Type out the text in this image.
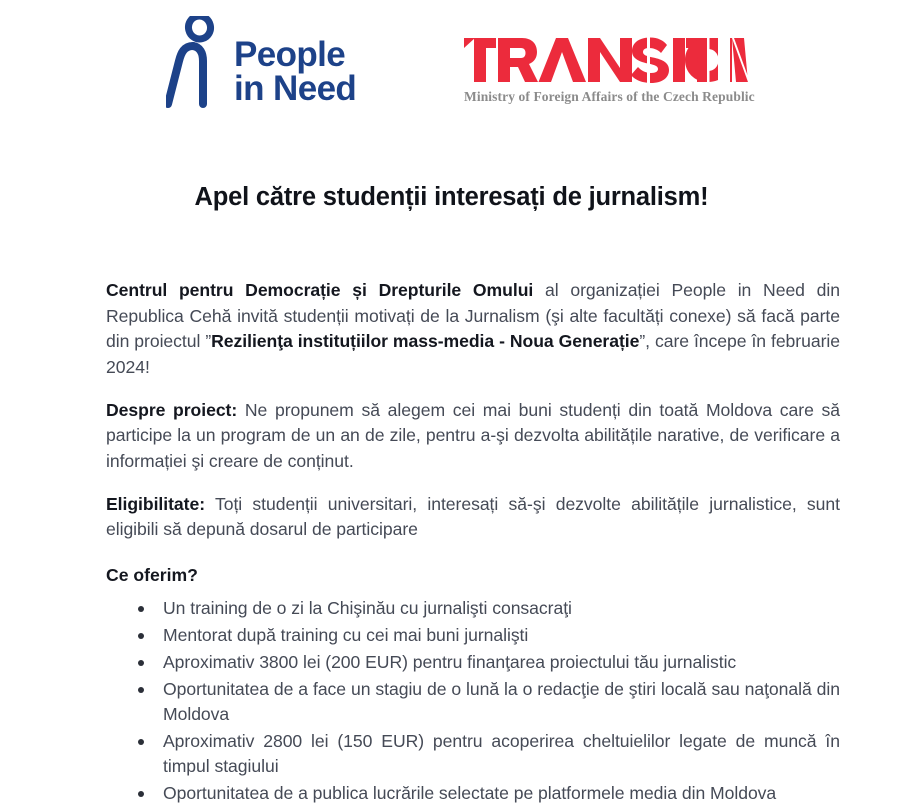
People
in Need	Ministry of Foreign Affairs of the Czech Republic
Apel către studenții interesați de jurnalism!

Centrul pentru Democrație și Drepturile Omului al organizației People in Need din Republica Cehă invită studenții motivați de la Jurnalism (şi alte facultăți conexe) să facă parte din proiectul ”Rezilienţa instituțiilor mass-media - Noua Generație”, care începe în februarie 2024!

Despre proiect: Ne propunem să alegem cei mai buni studenți din toată Moldova care să participe la un program de un an de zile, pentru a-şi dezvolta abilitățile narative, de verificare a informației şi creare de conținut.

Eligibilitate: Toți studenții universitari, interesați să-şi dezvolte abilitățile jurnalistice, sunt eligibili să depună dosarul de participare

Ce oferim?
Un training de o zi la Chişinău cu jurnalişti consacraţi
Mentorat după training cu cei mai buni jurnalişti
Aproximativ 3800 lei (200 EUR) pentru finanţarea proiectului tău jurnalistic
Oportunitatea de a face un stagiu de o lună la o redacţie de ştiri locală sau naţonală din Moldova
Aproximativ 2800 lei (150 EUR) pentru acoperirea cheltuielilor legate de muncă în timpul stagiului
Oportunitatea de a publica lucrările selectate pe platformele media din Moldova
